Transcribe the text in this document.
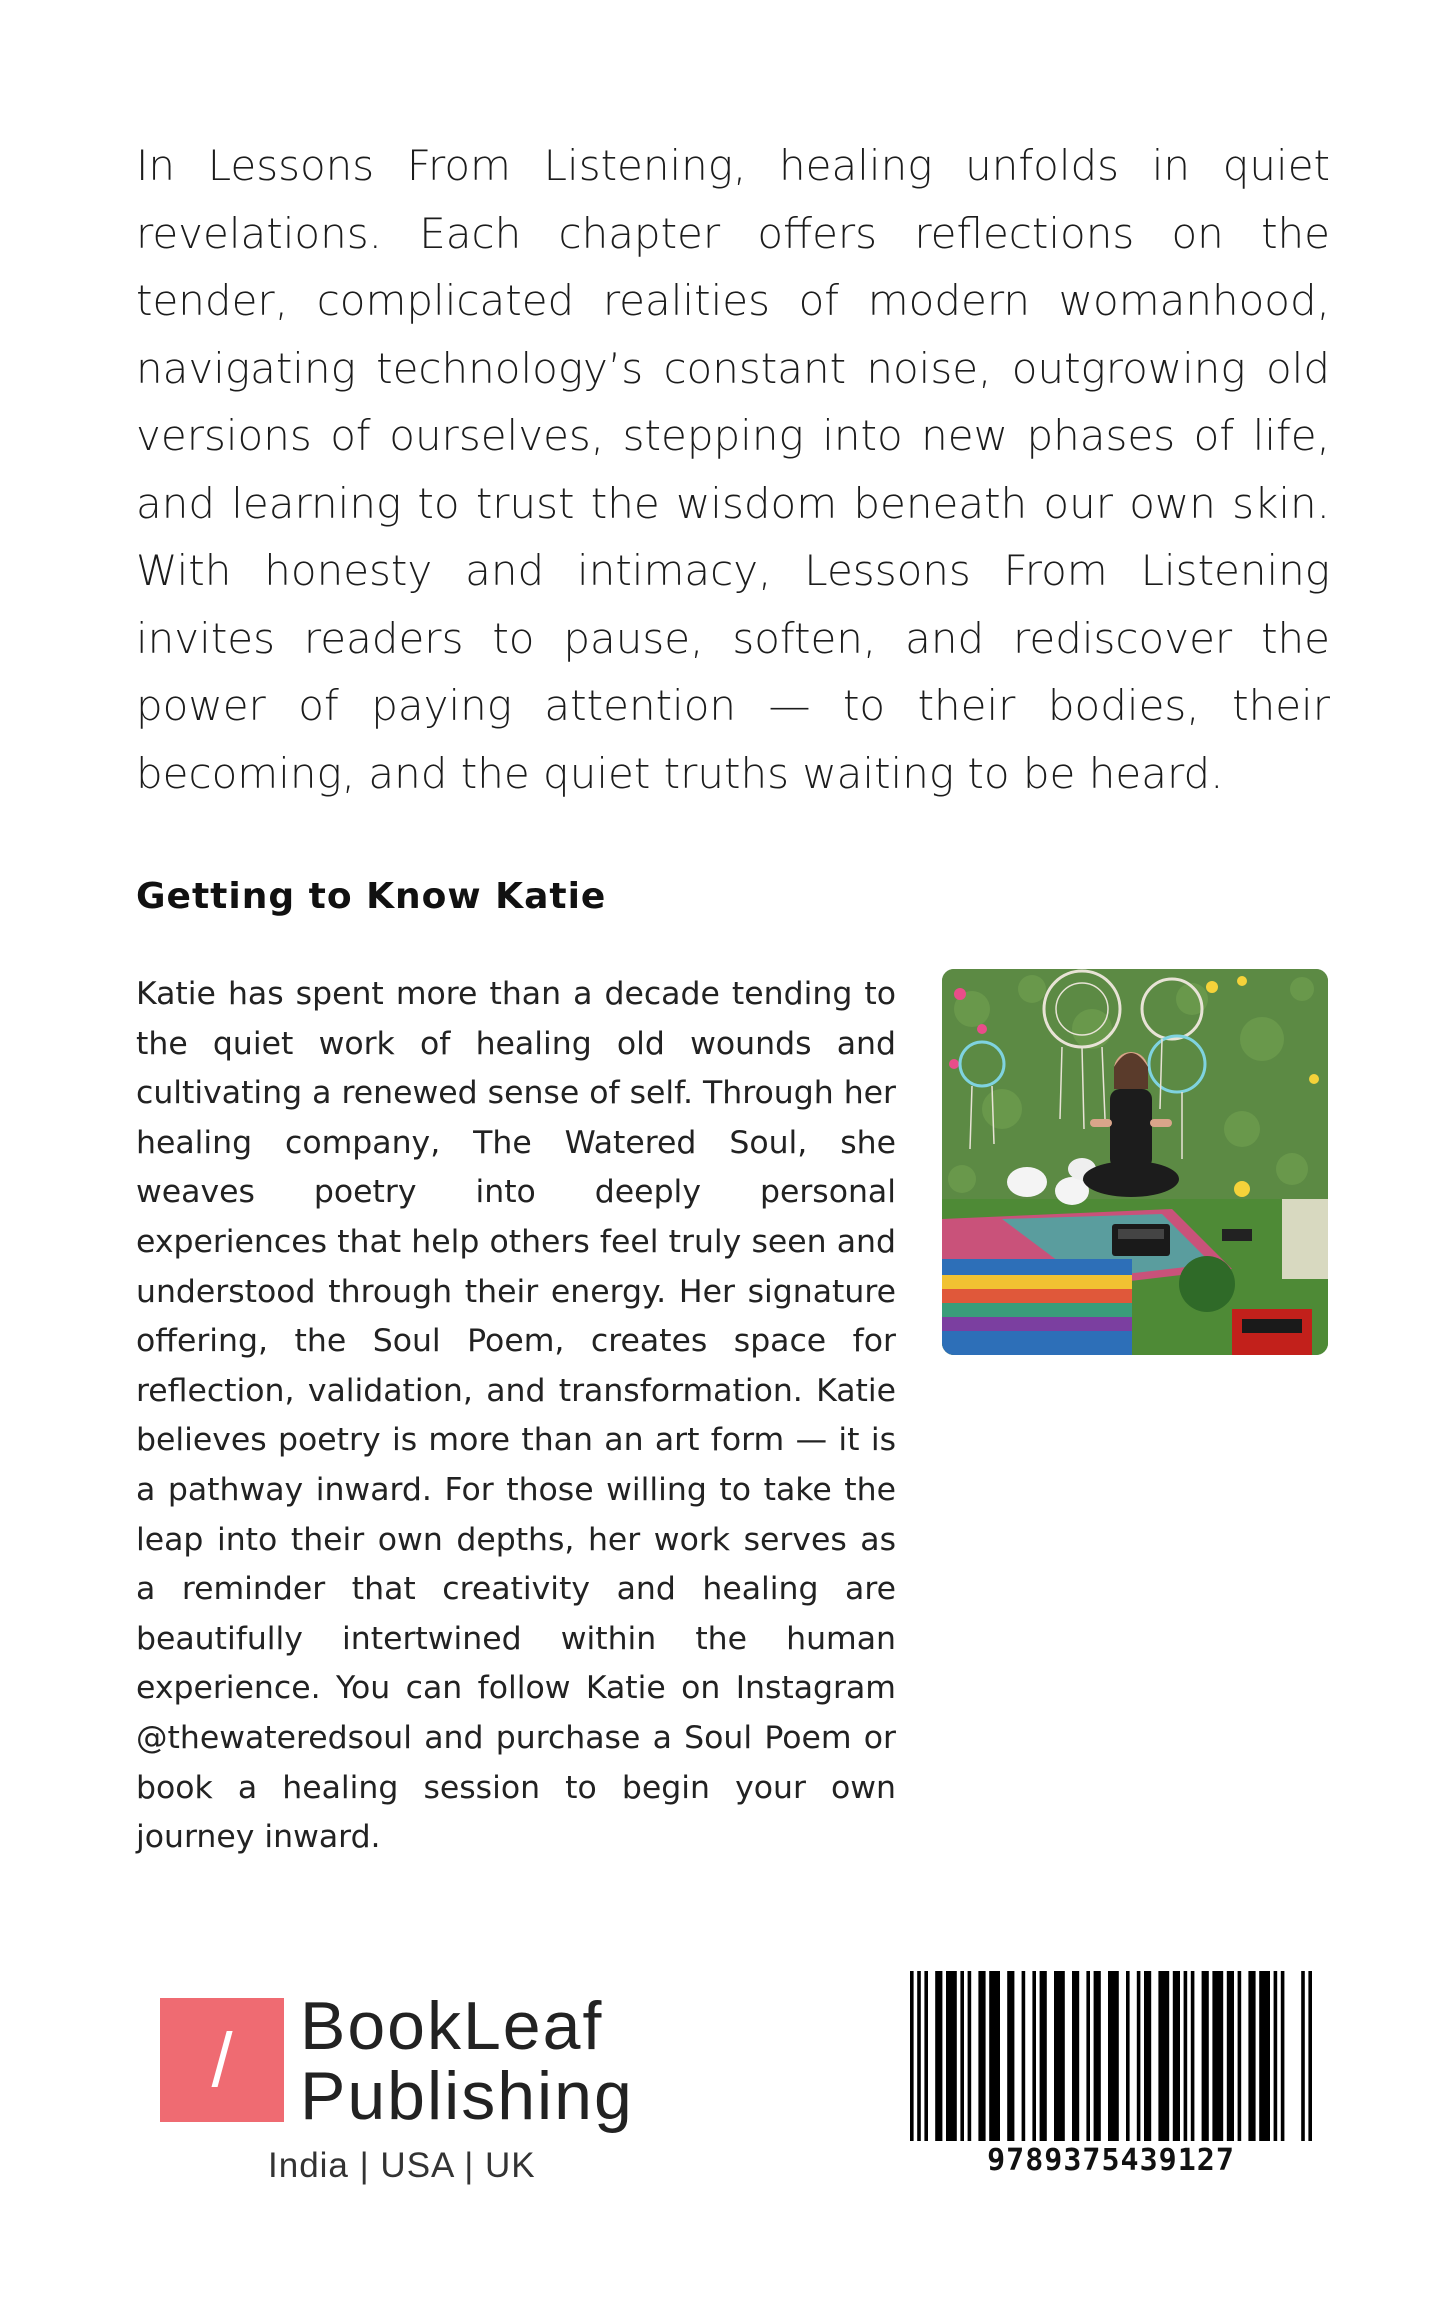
In Lessons From Listening, healing unfolds in quiet revelations. Each chapter offers reflections on the tender, complicated realities of modern womanhood, navigating technology’s constant noise, outgrowing old versions of ourselves, stepping into new phases of life, and learning to trust the wisdom beneath our own skin. With honesty and intimacy, Lessons From Listening invites readers to pause, soften, and rediscover the power of paying attention — to their bodies, their becoming, and the quiet truths waiting to be heard.

Getting to Know Katie

Katie has spent more than a decade tending to the quiet work of healing old wounds and cultivating a renewed sense of self. Through her healing company, The Watered Soul, she weaves poetry into deeply personal experiences that help others feel truly seen and understood through their energy. Her signature offering, the Soul Poem, creates space for reflection, validation, and transformation. Katie believes poetry is more than an art form — it is a pathway inward. For those willing to take the leap into their own depths, her work serves as a reminder that creativity and healing are beautifully intertwined within the human experience. You can follow Katie on Instagram @thewateredsoul and purchase a Soul Poem or book a healing session to begin your own journey inward.

/ BookLeaf
Publishing
India | USA | UK	9789375439127
